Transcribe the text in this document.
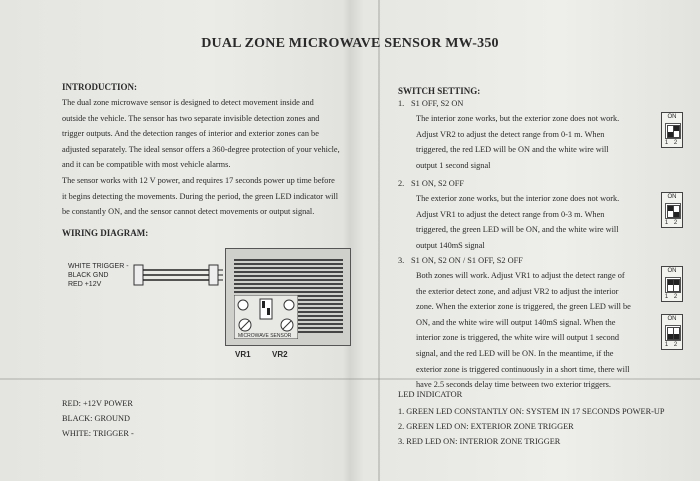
DUAL ZONE MICROWAVE SENSOR MW-350
INTRODUCTION:
The dual zone microwave sensor is designed to detect movement inside and
outside the vehicle. The sensor has two separate invisible detection zones and
trigger outputs. And the detection ranges of interior and exterior zones can be
adjusted separately. The ideal sensor offers a 360-degree protection of your vehicle,
and it can be compatible with most vehicle alarms.
The sensor works with 12 V power, and requires 17 seconds power up time before
it begins detecting the movements. During the period, the green LED indicator will
be constantly ON, and the sensor cannot detect movements or output signal.
WIRING DIAGRAM:
WHITE TRIGGER -
BLACK GND
RED +12V
MICROWAVE SENSOR
VR1	VR2
RED: +12V POWER
BLACK: GROUND
WHITE: TRIGGER -
SWITCH SETTING:
1. S1 OFF, S2 ON
The interior zone works, but the exterior zone does not work.
Adjust VR2 to adjust the detect range from 0-1 m. When
triggered, the red LED will be ON and the white wire will
output 1 second signal
2. S1 ON, S2 OFF
The exterior zone works, but the interior zone does not work.
Adjust VR1 to adjust the detect range from 0-3 m. When
triggered, the green LED will be ON, and the white wire will
output 140mS signal
3. S1 ON, S2 ON / S1 OFF, S2 OFF
Both zones will work. Adjust VR1 to adjust the detect range of
the exterior detect zone, and adjust VR2 to adjust the interior
zone. When the exterior zone is triggered, the green LED will be
ON, and the white wire will output 140mS signal. When the
interior zone is triggered, the white wire will output 1 second
signal, and the red LED will be ON. In the meantime, if the
exterior zone is triggered continuously in a short time, there will
have 2.5 seconds delay time between two exterior triggers.
ON
1 2
ON
1 2
ON
1 2
ON
1 2
LED INDICATOR
1. GREEN LED CONSTANTLY ON: SYSTEM IN 17 SECONDS POWER-UP
2. GREEN LED ON: EXTERIOR ZONE TRIGGER
3. RED LED ON: INTERIOR ZONE TRIGGER
